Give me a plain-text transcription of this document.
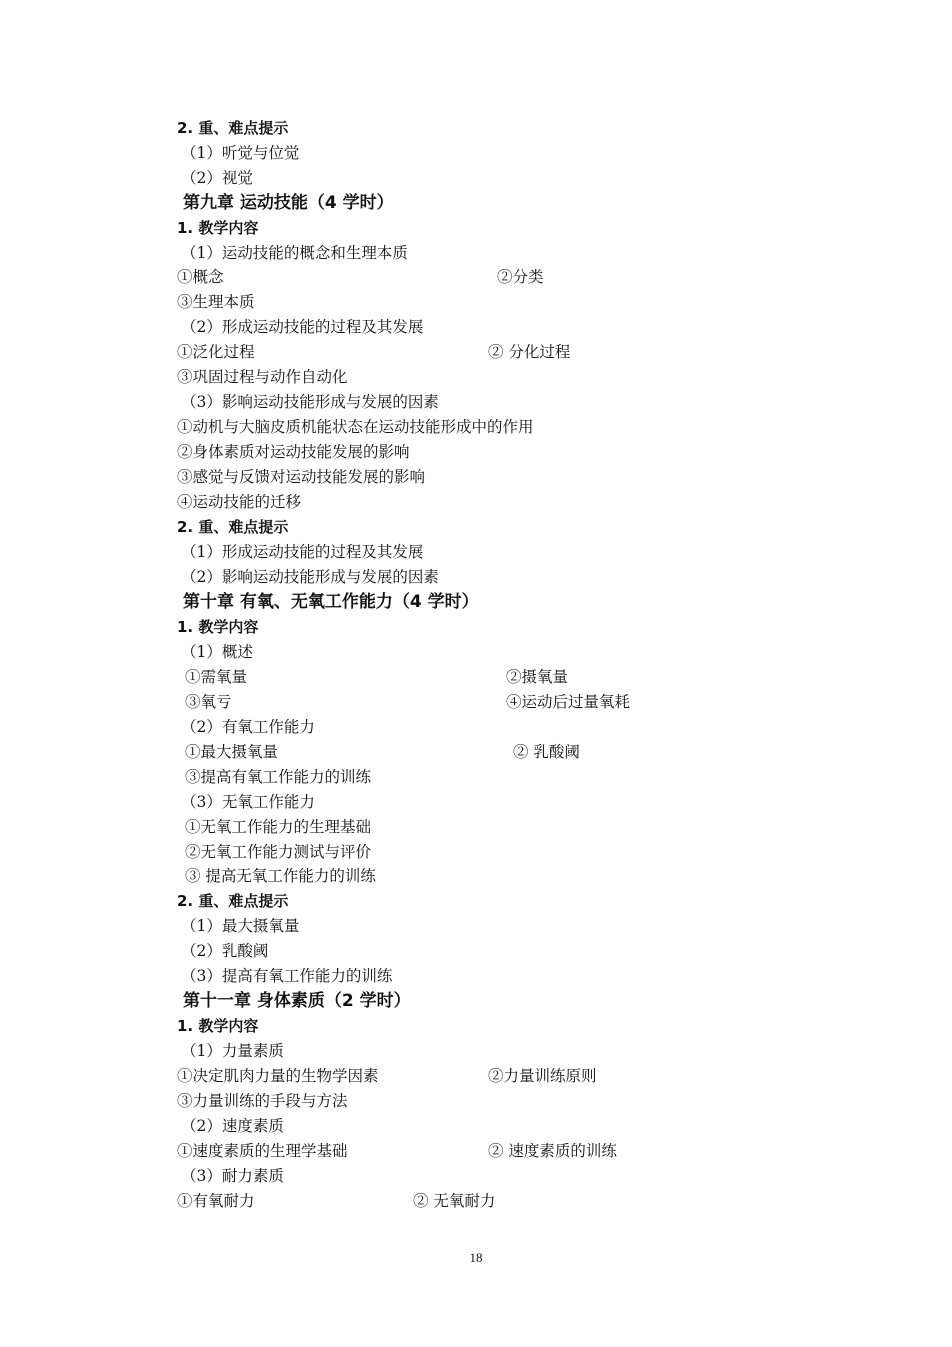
2. 重、难点提示
（1）听觉与位觉
（2）视觉
第九章 运动技能（4 学时）
1. 教学内容
（1）运动技能的概念和生理本质
①概念	②分类
③生理本质
（2）形成运动技能的过程及其发展
①泛化过程	② 分化过程
③巩固过程与动作自动化
（3）影响运动技能形成与发展的因素
①动机与大脑皮质机能状态在运动技能形成中的作用
②身体素质对运动技能发展的影响
③感觉与反馈对运动技能发展的影响
④运动技能的迁移
2. 重、难点提示
（1）形成运动技能的过程及其发展
（2）影响运动技能形成与发展的因素
第十章 有氧、无氧工作能力（4 学时）
1. 教学内容
（1）概述
①需氧量	②摄氧量
③氧亏	④运动后过量氧耗
（2）有氧工作能力
①最大摄氧量	② 乳酸阈
③提高有氧工作能力的训练
（3）无氧工作能力
①无氧工作能力的生理基础
②无氧工作能力测试与评价
③ 提高无氧工作能力的训练
2. 重、难点提示
（1）最大摄氧量
（2）乳酸阈
（3）提高有氧工作能力的训练
第十一章 身体素质（2 学时）
1. 教学内容
（1）力量素质
①决定肌肉力量的生物学因素	②力量训练原则
③力量训练的手段与方法
（2）速度素质
①速度素质的生理学基础	② 速度素质的训练
（3）耐力素质
①有氧耐力	② 无氧耐力
18
